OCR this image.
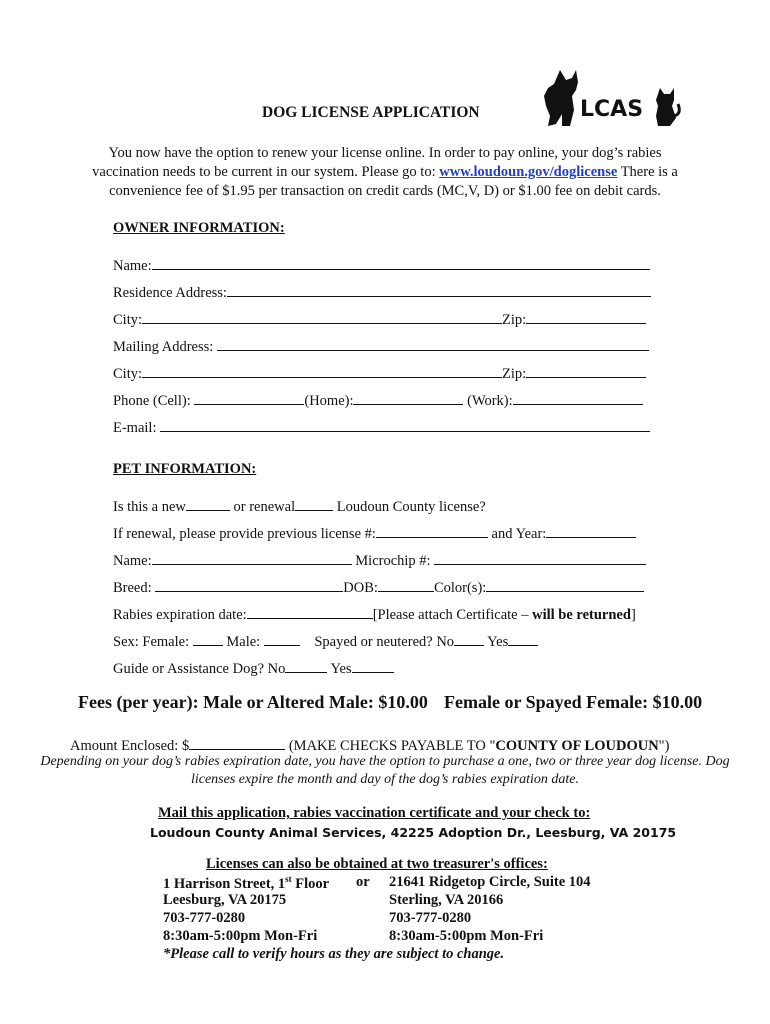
DOG LICENSE APPLICATION	LCAS
You now have the option to renew your license online. In order to pay online, your dog’s rabies
vaccination needs to be current in our system. Please go to: www.loudoun.gov/doglicense There is a
convenience fee of $1.95 per transaction on credit cards (MC,V, D) or $1.00 fee on debit cards.
OWNER INFORMATION:
Name:
Residence Address:
City:	Zip:
Mailing Address:
City:	Zip:
Phone (Cell):	(Home):	(Work):
E-mail:
PET INFORMATION:
Is this a new	or renewal	Loudoun County license?
If renewal, please provide previous license #:	and Year:
Name:	Microchip #:
Breed:	DOB:	Color(s):
Rabies expiration date:	[Please attach Certificate – will be returned]
Sex: Female:  Male:	Spayed or neutered? No Yes
Guide or Assistance Dog? No	Yes
Fees (per year): Male or Altered Male: $10.00 Female or Spayed Female: $10.00
Amount Enclosed: $	(MAKE CHECKS PAYABLE TO "COUNTY OF LOUDOUN")
Depending on your dog’s rabies expiration date, you have the option to purchase a one, two or three year dog license. Dog licenses expire the month and day of the dog’s rabies expiration date.
Mail this application, rabies vaccination certificate and your check to:
Loudoun County Animal Services, 42225 Adoption Dr., Leesburg, VA 20175
Licenses can also be obtained at two treasurer's offices:
1 Harrison Street, 1st Floor or 21641 Ridgetop Circle, Suite 104
Leesburg, VA 20175	Sterling, VA 20166
703-777-0280	703-777-0280
8:30am-5:00pm Mon-Fri	8:30am-5:00pm Mon-Fri
*Please call to verify hours as they are subject to change.
